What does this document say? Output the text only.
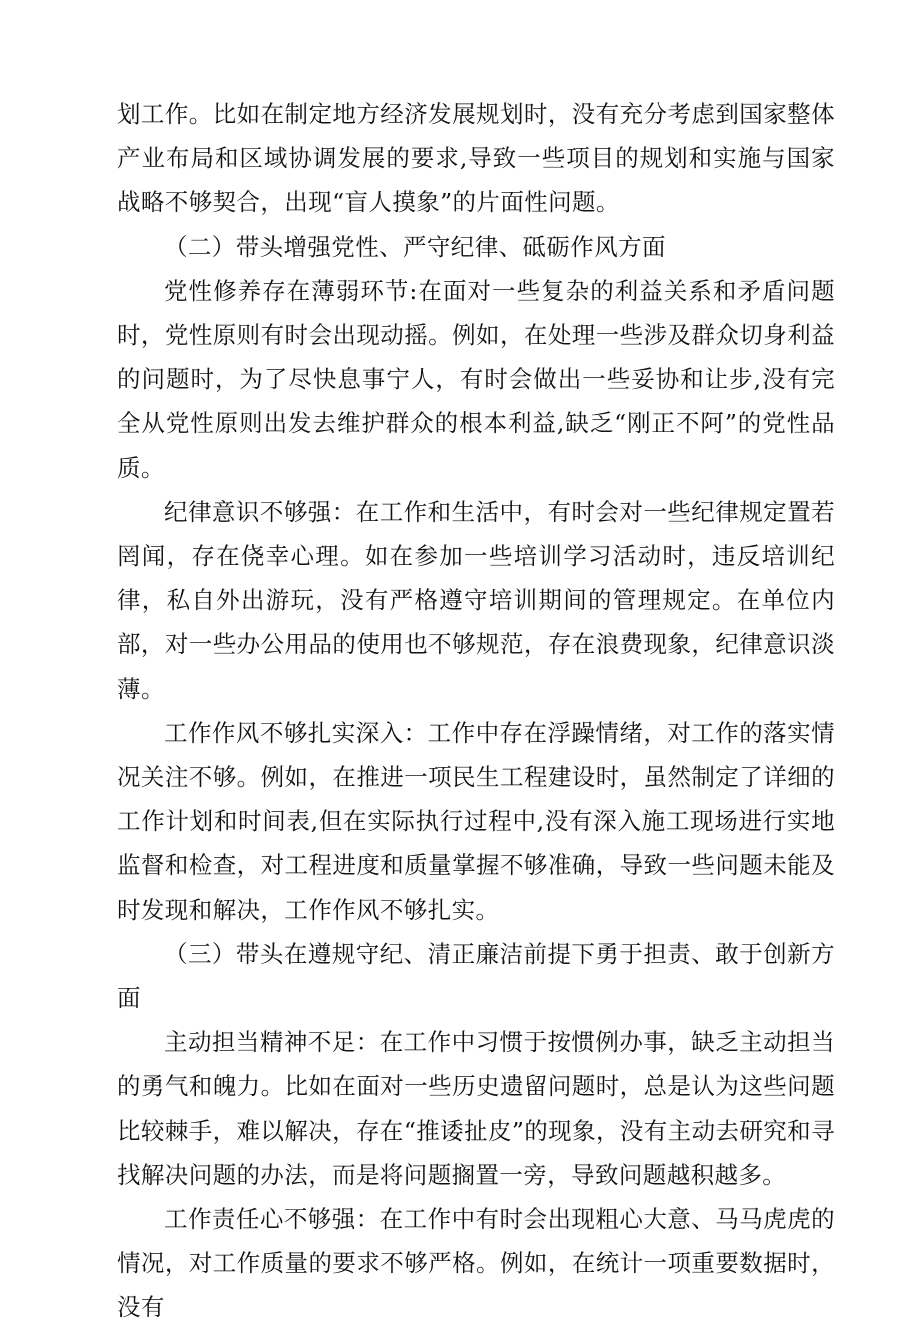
划工作。比如在制定地方经济发展规划时，没有充分考虑到国家整体产业布局和区域协调发展的要求,导致一些项目的规划和实施与国家战略不够契合，出现“盲人摸象”的片面性问题。

（二）带头增强党性、严守纪律、砥砺作风方面

党性修养存在薄弱环节:在面对一些复杂的利益关系和矛盾问题时，党性原则有时会出现动摇。例如，在处理一些涉及群众切身利益的问题时，为了尽快息事宁人，有时会做出一些妥协和让步,没有完全从党性原则出发去维护群众的根本利益,缺乏“刚正不阿”的党性品质。

纪律意识不够强：在工作和生活中，有时会对一些纪律规定置若罔闻，存在侥幸心理。如在参加一些培训学习活动时，违反培训纪律，私自外出游玩，没有严格遵守培训期间的管理规定。在单位内部，对一些办公用品的使用也不够规范，存在浪费现象，纪律意识淡薄。

工作作风不够扎实深入：工作中存在浮躁情绪，对工作的落实情况关注不够。例如，在推进一项民生工程建设时，虽然制定了详细的工作计划和时间表,但在实际执行过程中,没有深入施工现场进行实地监督和检查，对工程进度和质量掌握不够准确，导致一些问题未能及时发现和解决，工作作风不够扎实。

（三）带头在遵规守纪、清正廉洁前提下勇于担责、敢于创新方面

主动担当精神不足：在工作中习惯于按惯例办事，缺乏主动担当的勇气和魄力。比如在面对一些历史遗留问题时，总是认为这些问题比较棘手，难以解决，存在“推诿扯皮”的现象，没有主动去研究和寻找解决问题的办法，而是将问题搁置一旁，导致问题越积越多。

工作责任心不够强：在工作中有时会出现粗心大意、马马虎虎的情况，对工作质量的要求不够严格。例如，在统计一项重要数据时，没有
